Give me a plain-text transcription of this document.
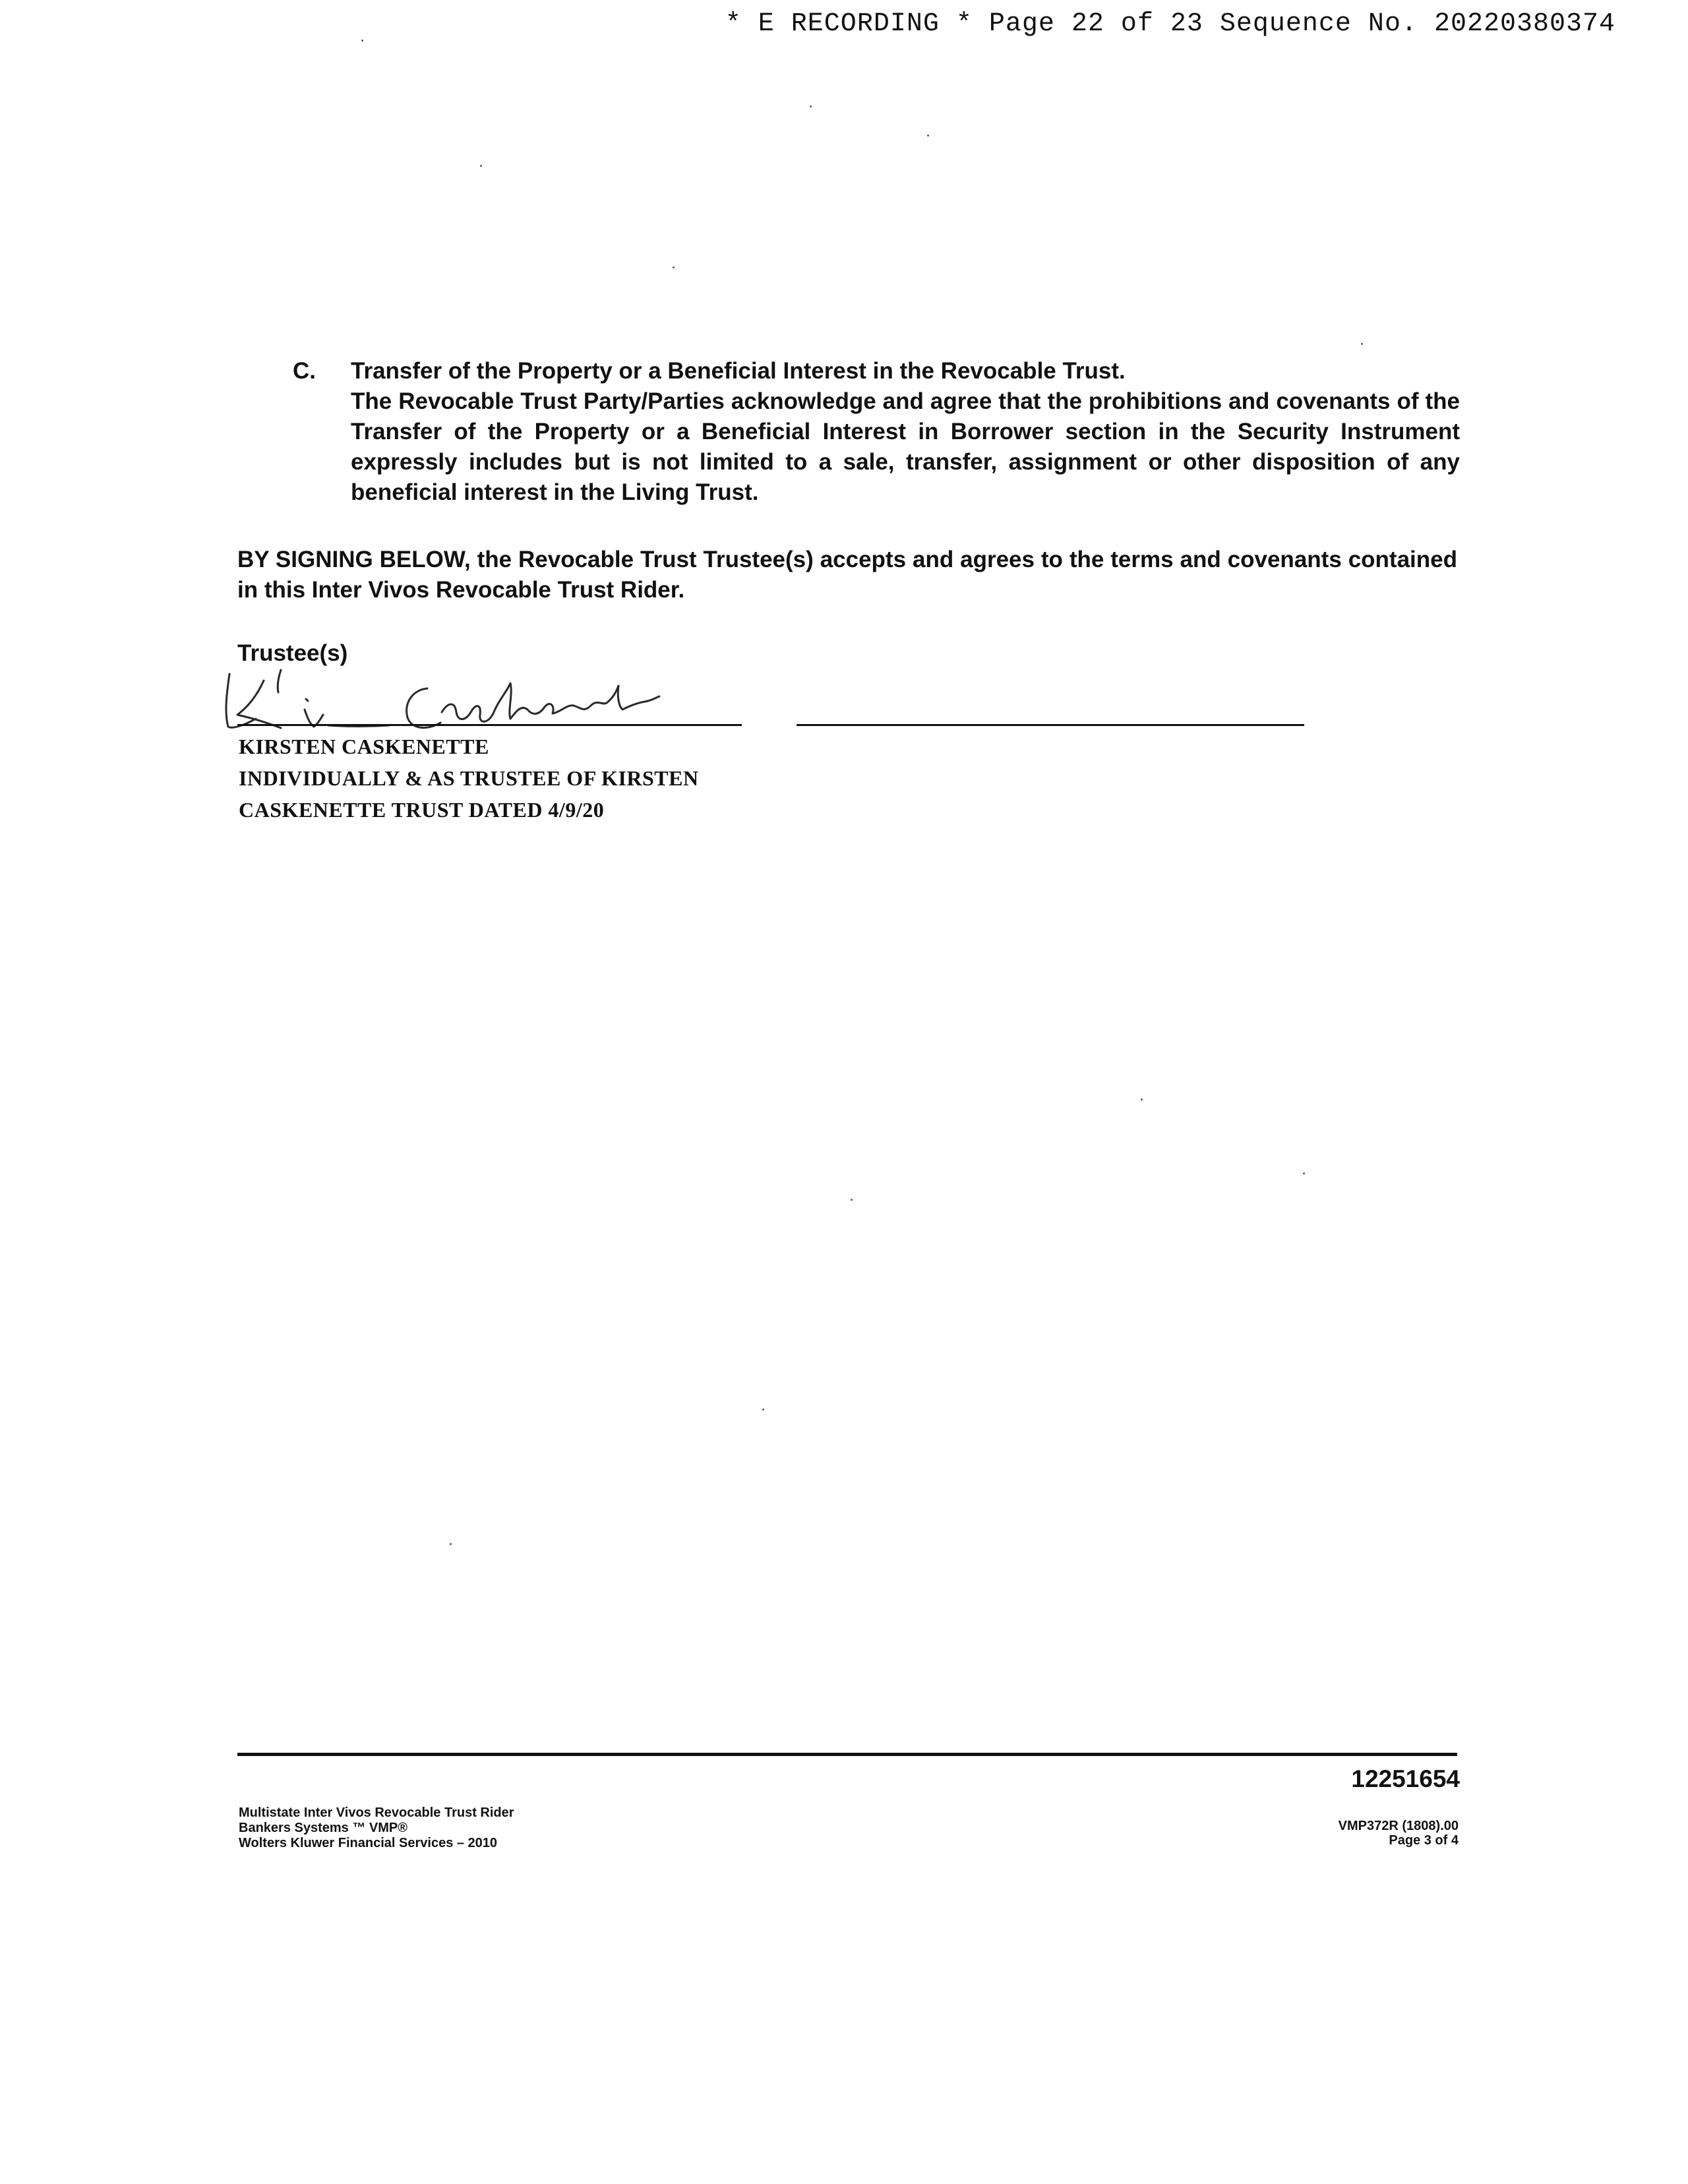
* E RECORDING * Page 22 of 23 Sequence No. 20220380374
C. Transfer of the Property or a Beneficial Interest in the Revocable Trust.
The Revocable Trust Party/Parties acknowledge and agree that the prohibitions and covenants of the Transfer of the Property or a Beneficial Interest in Borrower section in the Security Instrument expressly includes but is not limited to a sale, transfer, assignment or other disposition of any beneficial interest in the Living Trust.
BY SIGNING BELOW, the Revocable Trust Trustee(s) accepts and agrees to the terms and covenants contained in this Inter Vivos Revocable Trust Rider.
Trustee(s)
KIRSTEN CASKENETTE
INDIVIDUALLY & AS TRUSTEE OF KIRSTEN
CASKENETTE TRUST DATED 4/9/20
12251654
Multistate Inter Vivos Revocable Trust Rider
Bankers Systems ™ VMP®
Wolters Kluwer Financial Services – 2010
VMP372R (1808).00
Page 3 of 4
